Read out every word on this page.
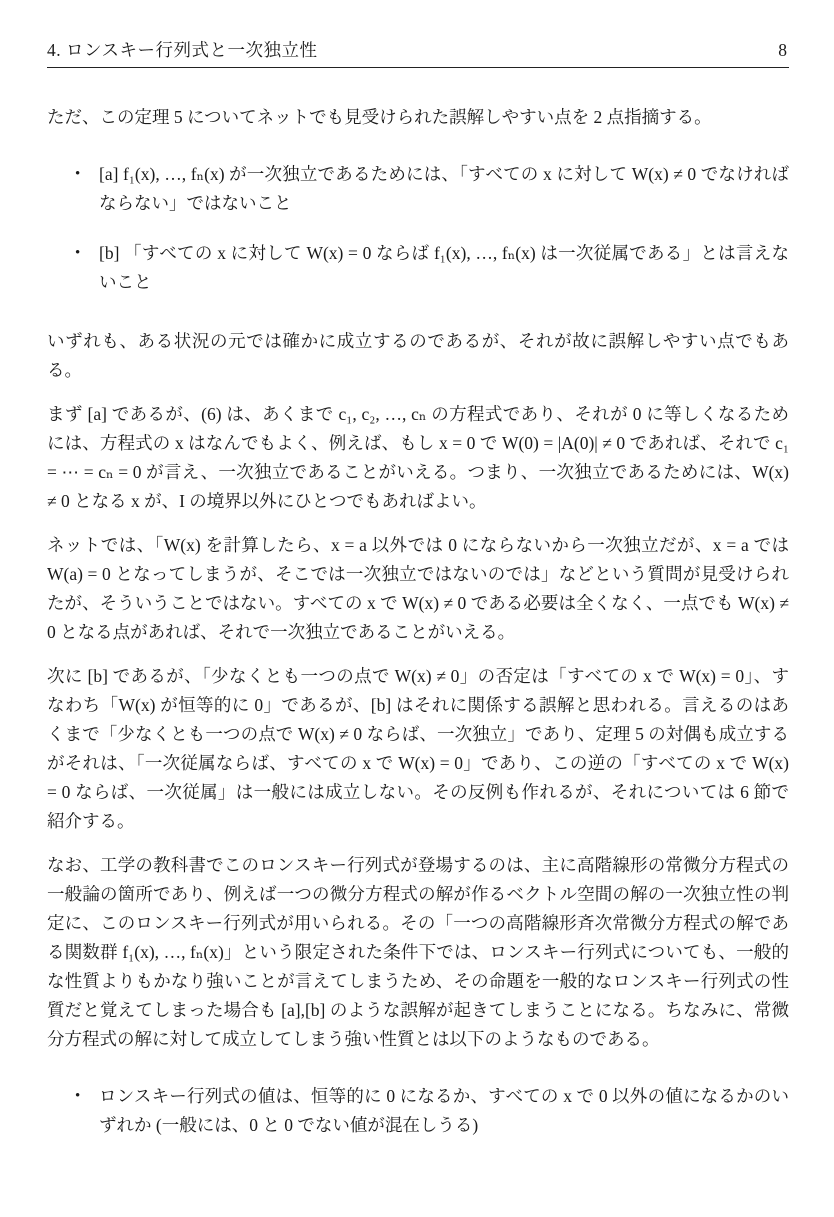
4. ロンスキー行列式と一次独立性	8

ただ、この定理 5 についてネットでも見受けられた誤解しやすい点を 2 点指摘する。

• [a] f₁(x), …, fₙ(x) が一次独立であるためには、「すべての x に対して W(x) ≠ 0 でなければならない」ではないこと
• [b] 「すべての x に対して W(x) = 0 ならば f₁(x), …, fₙ(x) は一次従属である」とは言えないこと

いずれも、ある状況の元では確かに成立するのであるが、それが故に誤解しやすい点でもある。

まず [a] であるが、(6) は、あくまで c₁, c₂, …, cₙ の方程式であり、それが 0 に等しくなるためには、方程式の x はなんでもよく、例えば、もし x = 0 で W(0) = |A(0)| ≠ 0 であれば、それで c₁ = ⋯ = cₙ = 0 が言え、一次独立であることがいえる。つまり、一次独立であるためには、W(x) ≠ 0 となる x が、I の境界以外にひとつでもあればよい。

ネットでは、「W(x) を計算したら、x = a 以外では 0 にならないから一次独立だが、x = a では W(a) = 0 となってしまうが、そこでは一次独立ではないのでは」などという質問が見受けられたが、そういうことではない。すべての x で W(x) ≠ 0 である必要は全くなく、一点でも W(x) ≠ 0 となる点があれば、それで一次独立であることがいえる。

次に [b] であるが、「少なくとも一つの点で W(x) ≠ 0」の否定は「すべての x で W(x) = 0」、すなわち「W(x) が恒等的に 0」であるが、[b] はそれに関係する誤解と思われる。言えるのはあくまで「少なくとも一つの点で W(x) ≠ 0 ならば、一次独立」であり、定理 5 の対偶も成立するがそれは、「一次従属ならば、すべての x で W(x) = 0」であり、この逆の「すべての x で W(x) = 0 ならば、一次従属」は一般には成立しない。その反例も作れるが、それについては 6 節で紹介する。

なお、工学の教科書でこのロンスキー行列式が登場するのは、主に高階線形の常微分方程式の一般論の箇所であり、例えば一つの微分方程式の解が作るベクトル空間の解の一次独立性の判定に、このロンスキー行列式が用いられる。その「一つの高階線形斉次常微分方程式の解である関数群 f₁(x), …, fₙ(x)」という限定された条件下では、ロンスキー行列式についても、一般的な性質よりもかなり強いことが言えてしまうため、その命題を一般的なロンスキー行列式の性質だと覚えてしまった場合も [a],[b] のような誤解が起きてしまうことになる。ちなみに、常微分方程式の解に対して成立してしまう強い性質とは以下のようなものである。

• ロンスキー行列式の値は、恒等的に 0 になるか、すべての x で 0 以外の値になるかのいずれか (一般には、0 と 0 でない値が混在しうる)
